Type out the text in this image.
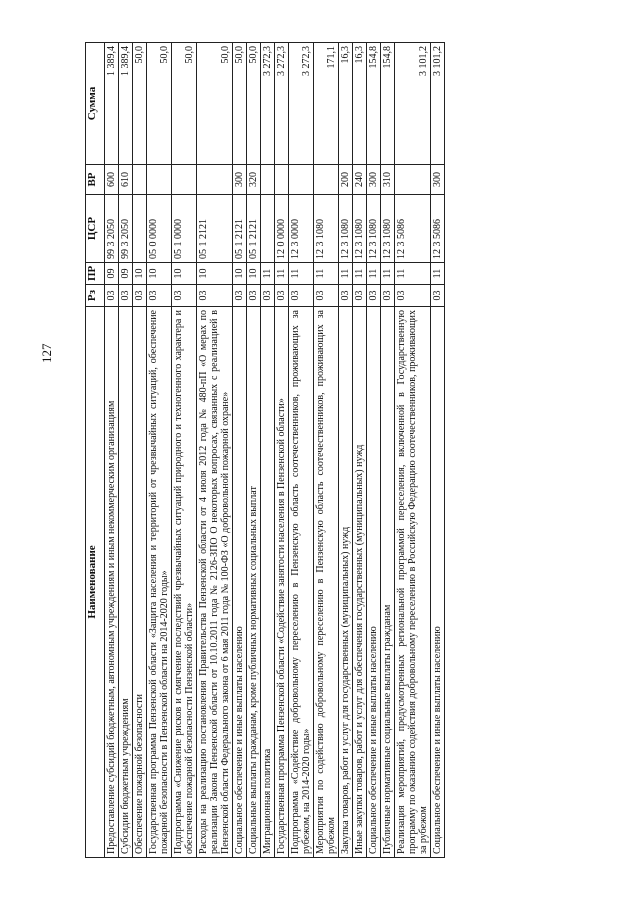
127
Наименование	Рз	ПР	ЦСР	ВР	Сумма
Предоставление субсидий бюджетным, автономным учреждениям и иным некоммерческим организациям	03	09	99 3 2050	600	1 389,4
Субсидии бюджетным учреждениям	03	09	99 3 2050	610	1 389,4
Обеспечение пожарной безопасности	03	10			50,0
Государственная программа Пензенской области «Защита населения и территорий от чрезвычайных ситуаций, обеспечение пожарной безопасности в Пензенской области на 2014-2020 годы»	03	10	05 0 0000		50,0
Подпрограмма «Снижение рисков и смягчение последствий чрезвычайных ситуаций природного и техногенного характера и обеспечение пожарной безопасности Пензенской области»	03	10	05 1 0000		50,0
Расходы на реализацию постановления Правительства Пензенской области от 4 июля 2012 года № 480-пП «О мерах по реализации Закона Пензенской области от 10.10.2011 года № 2126-ЗПО О некоторых вопросах, связанных с реализацией в Пензенской области Федерального закона от 6 мая 2011 года № 100-ФЗ «О добровольной пожарной охране»	03	10	05 1 2121		50,0
Социальное обеспечение и иные выплаты населению	03	10	05 1 2121	300	50,0
Социальные выплаты гражданам, кроме публичных нормативных социальных выплат	03	10	05 1 2121	320	50,0
Миграционная политика	03	11			3 272,3
Государственная программа Пензенской области «Содействие занятости населения в Пензенской области»	03	11	12 0 0000		3 272,3
Подпрограмма «Содействие добровольному переселению в Пензенскую область соотечественников, проживающих за рубежом, на 2014-2020 годы»	03	11	12 3 0000		3 272,3
Мероприятия по содействию добровольному переселению в Пензенскую область соотечественников, проживающих за рубежом	03	11	12 3 1080		171,1
Закупка товаров, работ и услуг для государственных (муниципальных) нужд	03	11	12 3 1080	200	16,3
Иные закупки товаров, работ и услуг для обеспечения государственных (муниципальных) нужд	03	11	12 3 1080	240	16,3
Социальное обеспечение и иные выплаты населению	03	11	12 3 1080	300	154,8
Публичные нормативные социальные выплаты гражданам	03	11	12 3 1080	310	154,8
Реализация мероприятий, предусмотренных региональной программой переселения, включенной в Государственную программу по оказанию содействия добровольному переселению в Российскую Федерацию соотечественников, проживающих за рубежом	03	11	12 3 5086		3 101,2
Социальное обеспечение и иные выплаты населению	03	11	12 3 5086	300	3 101,2
